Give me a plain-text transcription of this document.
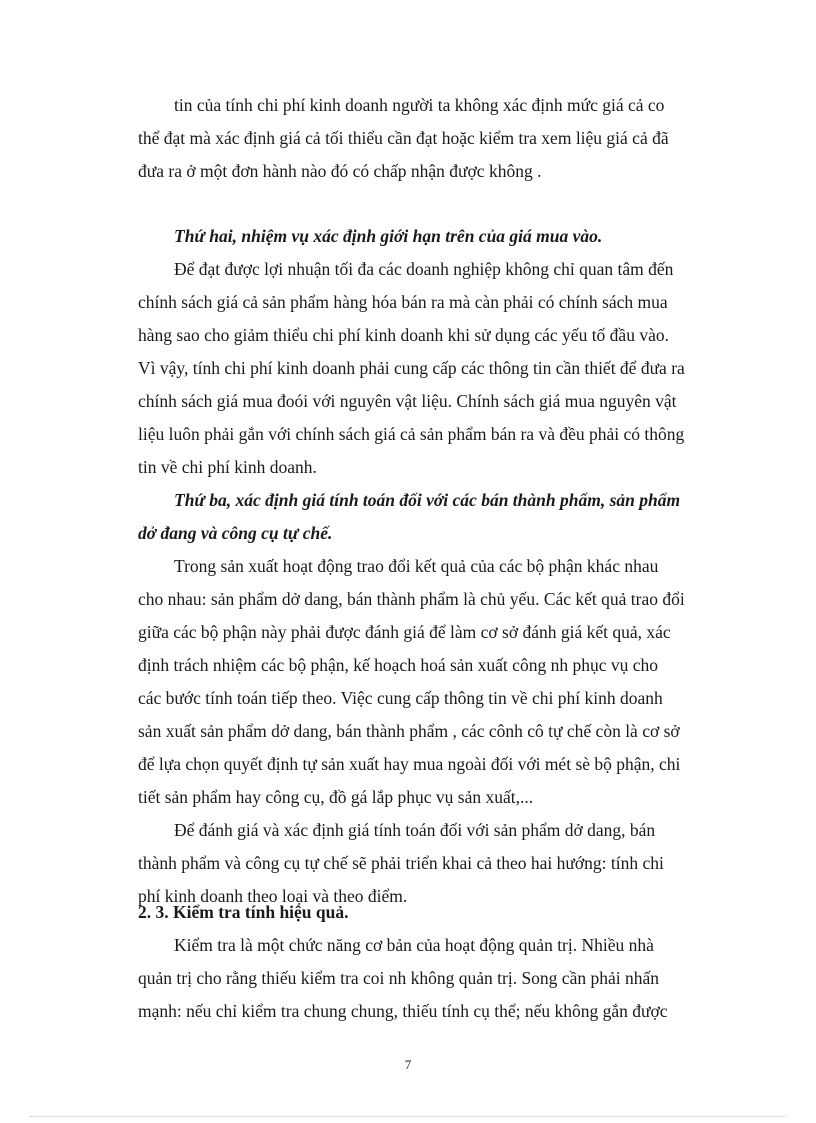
tin của tính chi phí kinh doanh người ta không xác định mức giá cả co
thể đạt mà xác định giá cả tối thiểu cần đạt hoặc kiểm tra xem liệu giá cả đã
đưa ra ở một đơn hành nào đó có chấp nhận được không .
Thứ hai, nhiệm vụ xác định giới hạn trên của giá mua vào.
Để đạt được lợi nhuận tối đa các doanh nghiệp không chỉ quan tâm đến
chính sách giá cả sản phẩm hàng hóa bán ra mà càn phải có chính sách mua
hàng sao cho giảm thiểu chi phí kinh doanh khi sử dụng các yếu tố đầu vào.
Vì vậy, tính chi phí kinh doanh phải cung cấp các thông tin cần thiết để đưa ra
chính sách giá mua đoói với nguyên vật liệu. Chính sách giá mua nguyên vật
liệu luôn phải gắn với chính sách giá cả sản phẩm bán ra và đều phải có thông
tin về chi phí kinh doanh.
Thứ ba, xác định giá tính toán đối với các bán thành phẩm, sản phẩm
dở đang và công cụ tự chế.
Trong sản xuất hoạt động trao đổi kết quả của các bộ phận khác nhau
cho nhau: sản phẩm dở dang, bán thành phẩm là chủ yếu. Các kết quả trao đổi
giữa các bộ phận này phải được đánh giá để làm cơ sở đánh giá kết quả, xác
định trách nhiệm các bộ phận, kế hoạch hoá sản xuất công nh phục vụ cho
các bước tính toán tiếp theo. Việc cung cấp thông tin về chi phí kinh doanh
sản xuất sản phẩm dở dang, bán thành phẩm , các cônh cô tự chế còn là cơ sở
để lựa chọn quyết định tự sản xuất hay mua ngoài đối với mét sè bộ phận, chi
tiết sản phẩm hay công cụ, đồ gá lắp phục vụ sản xuất,...
Để đánh giá và xác định giá tính toán đối với sản phẩm dở dang, bán
thành phẩm và công cụ tự chế sẽ phải triển khai cả theo hai hướng: tính chi
phí kinh doanh theo loại và theo điểm.
2. 3. Kiểm tra tính hiệu quả.
Kiểm tra là một chức năng cơ bản của hoạt động quản trị. Nhiều nhà
quản trị cho rằng thiếu kiểm tra coi nh không quản trị. Song cần phải nhấn
mạnh: nếu chỉ kiểm tra chung chung, thiếu tính cụ thể; nếu không gắn được
7
